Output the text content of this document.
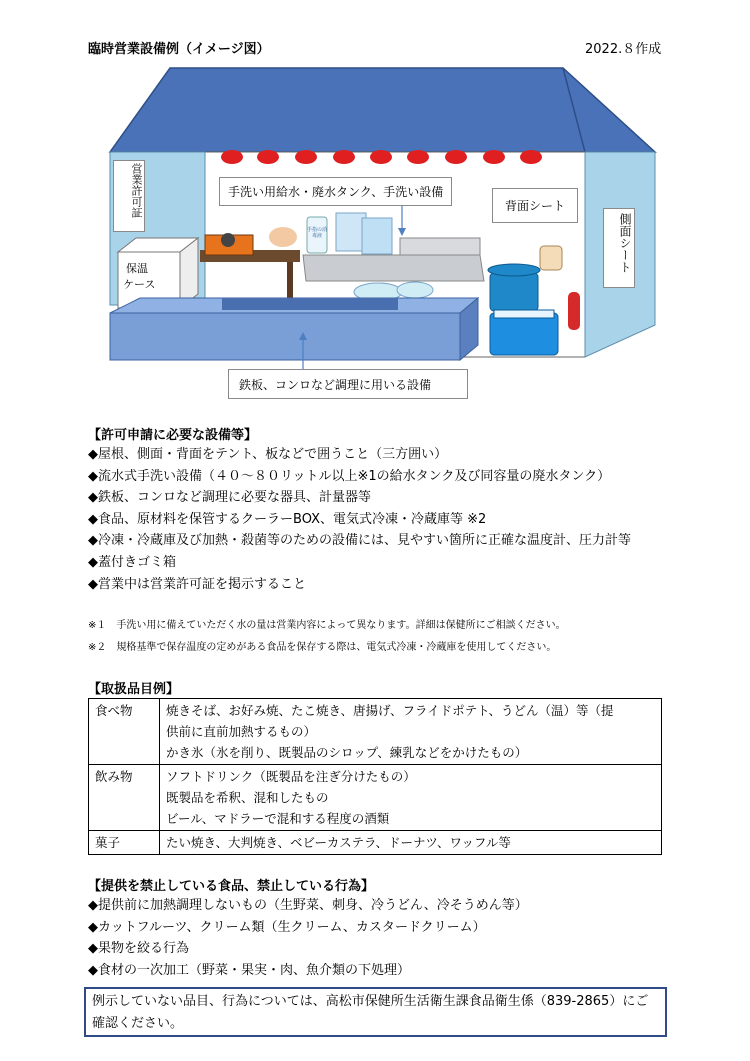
臨時営業設備例（イメージ図）	2022.８作成
営業許可証
保温
ケース
手洗い用給水・廃水タンク、手洗い設備
背面シート
側面シート
手指の消毒液
鉄板、コンロなど調理に用いる設備
【許可申請に必要な設備等】
◆屋根、側面・背面をテント、板などで囲うこと（三方囲い）
◆流水式手洗い設備（４０～８０リットル以上※1の給水タンク及び同容量の廃水タンク）
◆鉄板、コンロなど調理に必要な器具、計量器等
◆食品、原材料を保管するクーラーBOX、電気式冷凍・冷蔵庫等 ※2
◆冷凍・冷蔵庫及び加熱・殺菌等のための設備には、見やすい箇所に正確な温度計、圧力計等
◆蓋付きゴミ箱
◆営業中は営業許可証を掲示すること
※１　手洗い用に備えていただく水の量は営業内容によって異なります。詳細は保健所にご相談ください。
※２　規格基準で保存温度の定めがある食品を保存する際は、電気式冷凍・冷蔵庫を使用してください。
【取扱品目例】
食べ物	焼きそば、お好み焼、たこ焼き、唐揚げ、フライドポテト、うどん（温）等（提
供前に直前加熱するもの）
かき氷（氷を削り、既製品のシロップ、練乳などをかけたもの）

飲み物	ソフトドリンク（既製品を注ぎ分けたもの）
既製品を希釈、混和したもの
ビール、マドラーで混和する程度の酒類

菓子	たい焼き、大判焼き、ベビーカステラ、ドーナツ、ワッフル等
【提供を禁止している食品、禁止している行為】
◆提供前に加熱調理しないもの（生野菜、刺身、冷うどん、冷そうめん等）
◆カットフルーツ、クリーム類（生クリーム、カスタードクリーム）
◆果物を絞る行為
◆食材の一次加工（野菜・果実・肉、魚介類の下処理）
例示していない品目、行為については、高松市保健所生活衛生課食品衛生係（839-2865）にご確認ください。
